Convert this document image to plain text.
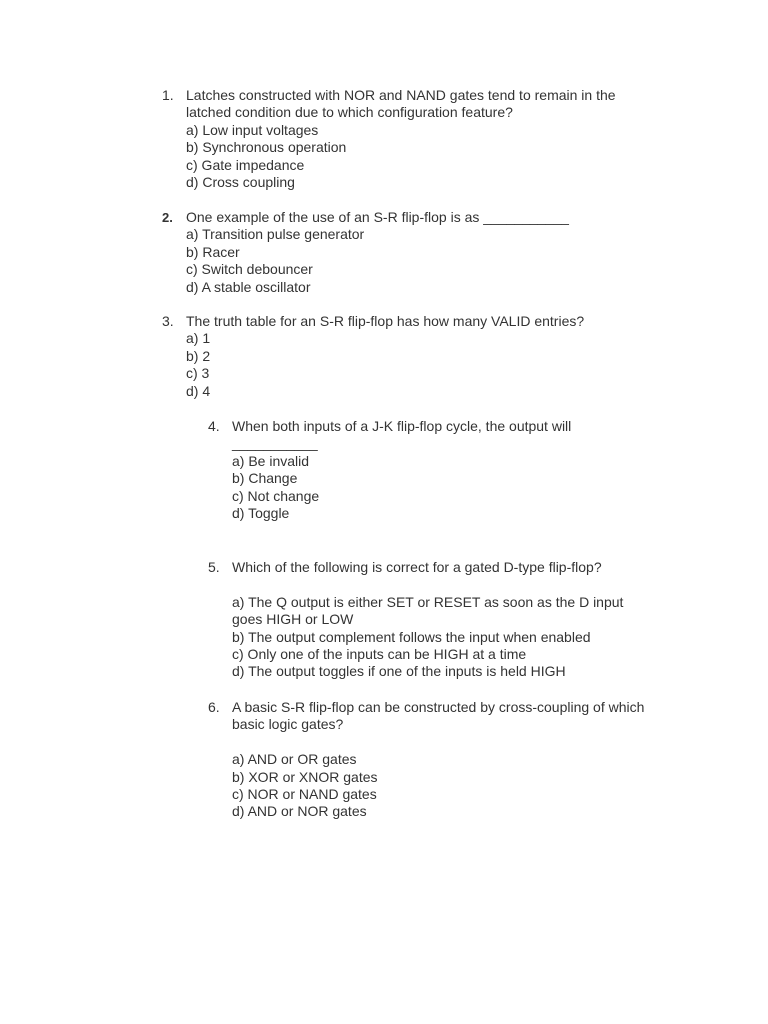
1. Latches constructed with NOR and NAND gates tend to remain in the
latched condition due to which configuration feature?
a) Low input voltages
b) Synchronous operation
c) Gate impedance
d) Cross coupling
2. One example of the use of an S-R flip-flop is as ___________
a) Transition pulse generator
b) Racer
c) Switch debouncer
d) A stable oscillator
3. The truth table for an S-R flip-flop has how many VALID entries?
a) 1
b) 2
c) 3
d) 4
4. When both inputs of a J-K flip-flop cycle, the output will
___________
a) Be invalid
b) Change
c) Not change
d) Toggle
5. Which of the following is correct for a gated D-type flip-flop?
a) The Q output is either SET or RESET as soon as the D input
goes HIGH or LOW
b) The output complement follows the input when enabled
c) Only one of the inputs can be HIGH at a time
d) The output toggles if one of the inputs is held HIGH
6. A basic S-R flip-flop can be constructed by cross-coupling of which
basic logic gates?
a) AND or OR gates
b) XOR or XNOR gates
c) NOR or NAND gates
d) AND or NOR gates
